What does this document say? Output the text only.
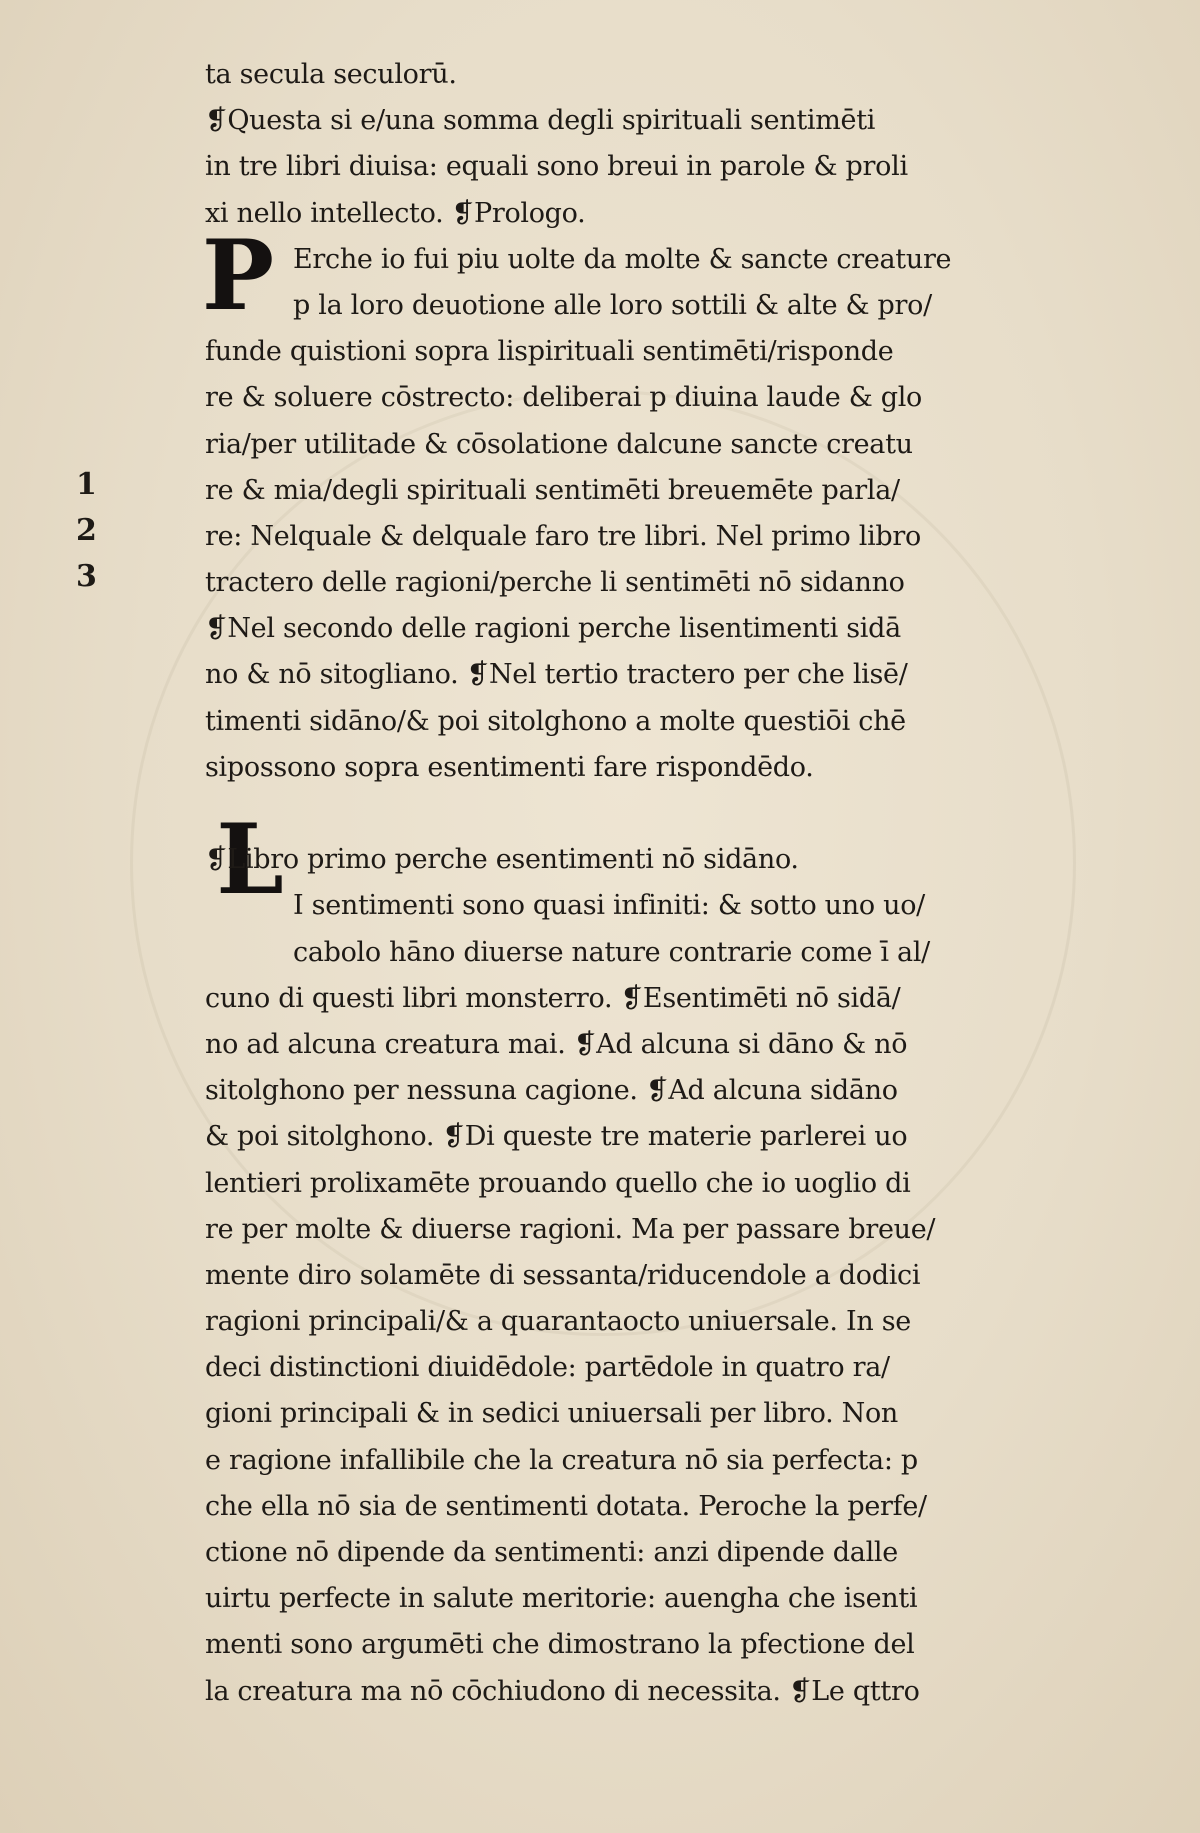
1
2
3
P
L
ta secula seculorū.
❡Questa si e/una somma degli spirituali sentimēti
in tre libri diuisa: equali sono breui in parole & proli
xi nello intellecto. ❡Prologo.
Erche io fui piu uolte da molte & sancte creature
p la loro deuotione alle loro sottili & alte & pro/
funde quistioni sopra lispirituali sentimēti/risponde
re & soluere cōstrecto: deliberai p diuina laude & glo
ria/per utilitade & cōsolatione dalcune sancte creatu
re & mia/degli spirituali sentimēti breuemēte parla/
re: Nelquale & delquale faro tre libri. Nel primo libro
tractero delle ragioni/perche li sentimēti nō sidanno
❡Nel secondo delle ragioni perche lisentimenti sidā
no & nō sitogliano. ❡Nel tertio tractero per che lisē/
timenti sidāno/& poi sitolghono a molte questiōi chē
sipossono sopra esentimenti fare rispondēdo.
❡Libro primo perche esentimenti nō sidāno.
I sentimenti sono quasi infiniti: & sotto uno uo/
cabolo hāno diuerse nature contrarie come ī al/
cuno di questi libri monsterro. ❡Esentimēti nō sidā/
no ad alcuna creatura mai. ❡Ad alcuna si dāno & nō
sitolghono per nessuna cagione. ❡Ad alcuna sidāno
& poi sitolghono. ❡Di queste tre materie parlerei uo
lentieri prolixamēte prouando quello che io uoglio di
re per molte & diuerse ragioni. Ma per passare breue/
mente diro solamēte di sessanta/riducendole a dodici
ragioni principali/& a quarantaocto uniuersale. In se
deci distinctioni diuidēdole: partēdole in quatro ra/
gioni principali & in sedici uniuersali per libro. Non
e ragione infallibile che la creatura nō sia perfecta: p
che ella nō sia de sentimenti dotata. Peroche la perfe/
ctione nō dipende da sentimenti: anzi dipende dalle
uirtu perfecte in salute meritorie: auengha che isenti
menti sono argumēti che dimostrano la pfectione del
la creatura ma nō cōchiudono di necessita. ❡Le qttro
